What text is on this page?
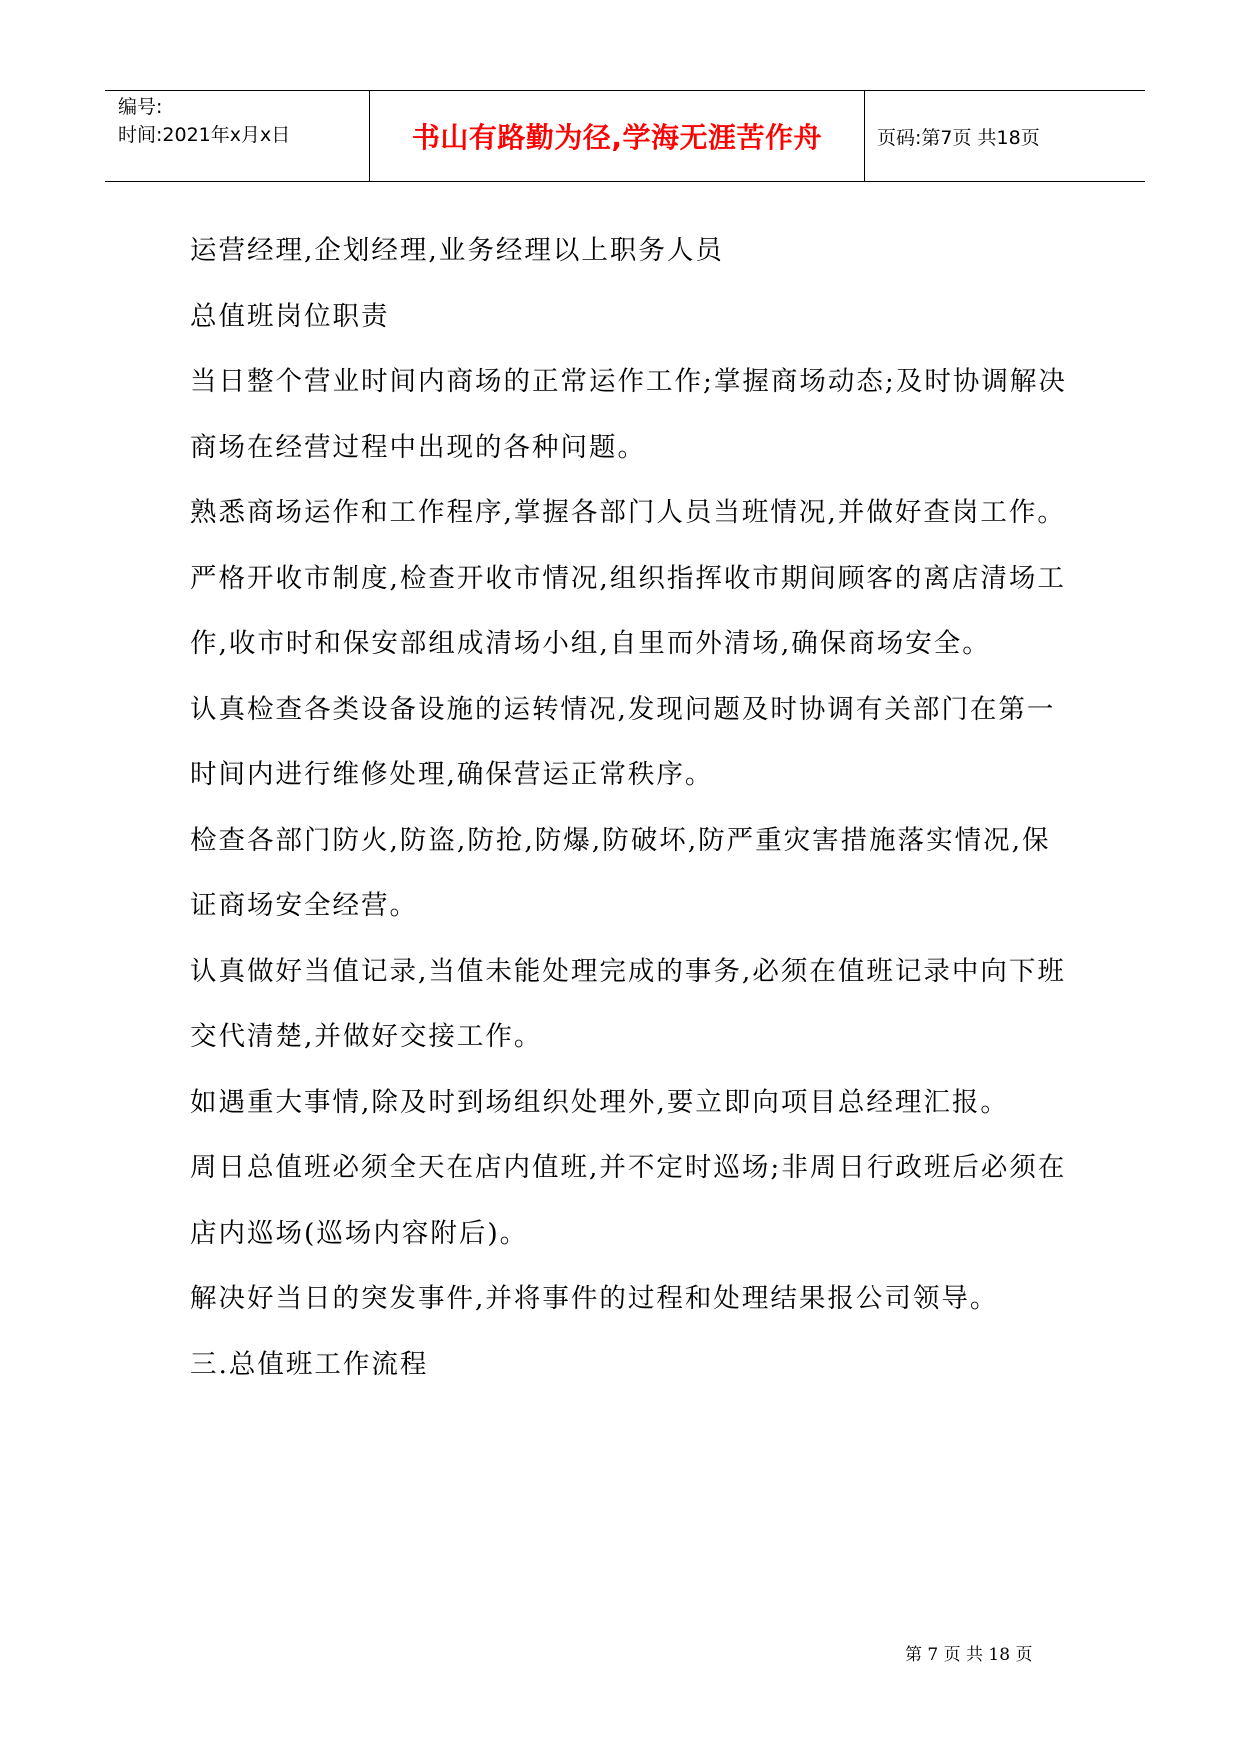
编号:
时间:2021年x月x日	书山有路勤为径,学海无涯苦作舟	页码:第7页 共18页

运营经理,企划经理,业务经理以上职务人员

总值班岗位职责

当日整个营业时间内商场的正常运作工作;掌握商场动态;及时协调解决商场在经营过程中出现的各种问题。

熟悉商场运作和工作程序,掌握各部门人员当班情况,并做好查岗工作。

严格开收市制度,检查开收市情况,组织指挥收市期间顾客的离店清场工作,收市时和保安部组成清场小组,自里而外清场,确保商场安全。

认真检查各类设备设施的运转情况,发现问题及时协调有关部门在第一时间内进行维修处理,确保营运正常秩序。

检查各部门防火,防盗,防抢,防爆,防破坏,防严重灾害措施落实情况,保证商场安全经营。

认真做好当值记录,当值未能处理完成的事务,必须在值班记录中向下班交代清楚,并做好交接工作。

如遇重大事情,除及时到场组织处理外,要立即向项目总经理汇报。

周日总值班必须全天在店内值班,并不定时巡场;非周日行政班后必须在店内巡场(巡场内容附后)。

解决好当日的突发事件,并将事件的过程和处理结果报公司领导。

三.总值班工作流程

第 7 页 共 18 页
